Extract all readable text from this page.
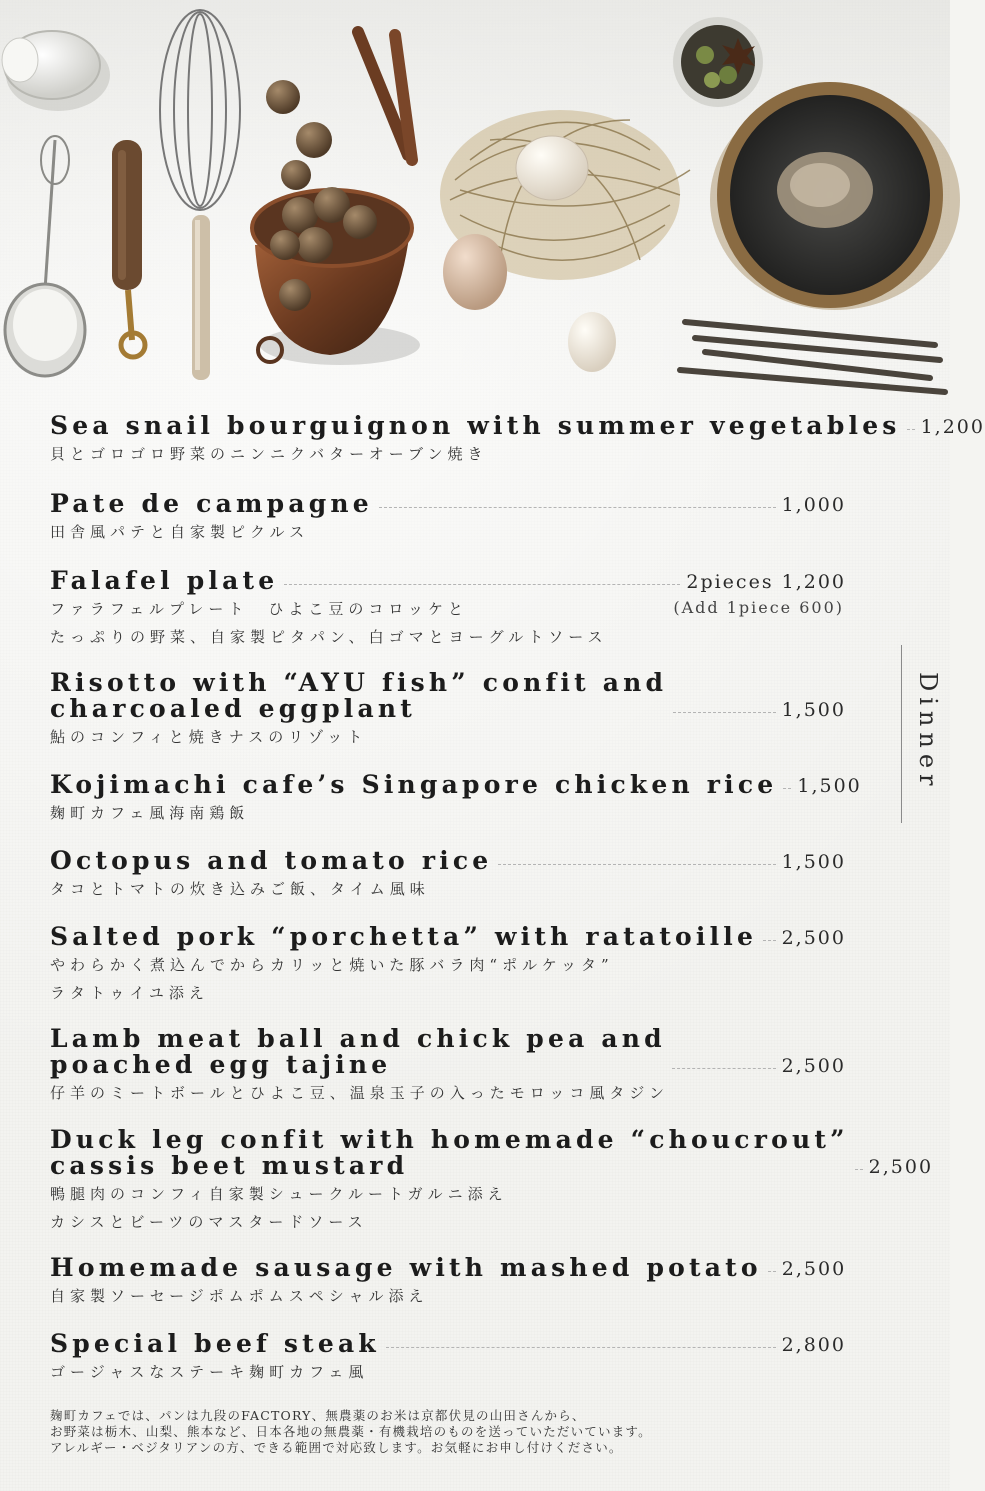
Dinner
Sea snail bourguignon with summer vegetables 1,200
貝とゴロゴロ野菜のニンニクバターオーブン焼き
Pate de campagne	1,000
田舎風パテと自家製ピクルス
Falafel plate	2pieces 1,200
ファラフェルプレート　ひよこ豆のコロッケと	(Add 1piece 600)
たっぷりの野菜、自家製ピタパン、白ゴマとヨーグルトソース
Risotto with “AYU fish” confit and
charcoaled eggplant	1,500
鮎のコンフィと焼きナスのリゾット
Kojimachi cafe’s Singapore chicken rice 1,500
麹町カフェ風海南鶏飯
Octopus and tomato rice	1,500
タコとトマトの炊き込みご飯、タイム風味
Salted pork “porchetta” with ratatoille 2,500
やわらかく煮込んでからカリッと焼いた豚バラ肉“ポルケッタ”
ラタトゥイユ添え
Lamb meat ball and chick pea and
poached egg tajine	2,500
仔羊のミートボールとひよこ豆、温泉玉子の入ったモロッコ風タジン
Duck leg confit with homemade “choucrout”
cassis beet mustard	2,500
鴨腿肉のコンフィ自家製シュークルートガルニ添え
カシスとビーツのマスタードソース
Homemade sausage with mashed potato 2,500
自家製ソーセージポムポムスペシャル添え
Special beef steak	2,800
ゴージャスなステーキ麹町カフェ風
麹町カフェでは、パンは九段のFACTORY、無農薬のお米は京都伏見の山田さんから、
お野菜は栃木、山梨、熊本など、日本各地の無農薬・有機栽培のものを送っていただいています。
アレルギー・ベジタリアンの方、できる範囲で対応致します。お気軽にお申し付けください。
